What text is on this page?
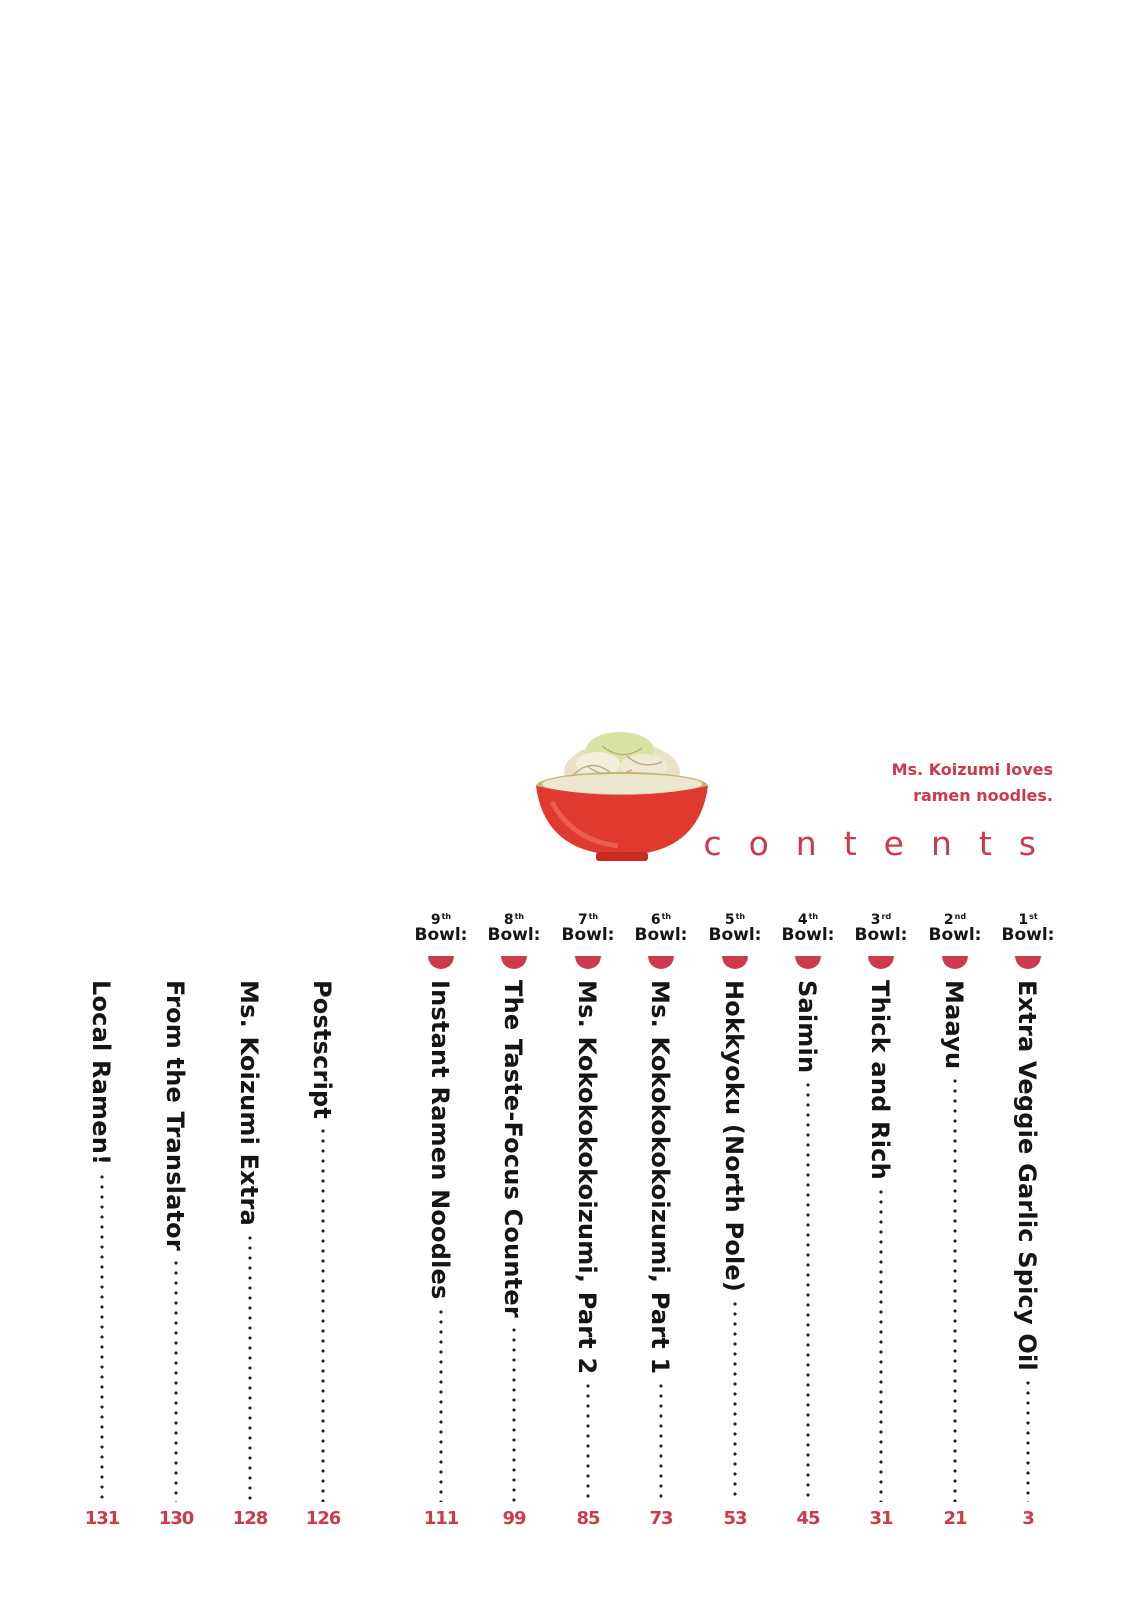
Ms. Koizumi loves
ramen noodles.
contents
1st
Bowl:
Extra Veggie Garlic Spicy Oil
3
2nd
Bowl:
Maayu
21
3rd
Bowl:
Thick and Rich
31
4th
Bowl:
Saimin
45
5th
Bowl:
Hokkyoku (North Pole)
53
6th
Bowl:
Ms. Kokokokokoizumi, Part 1
73
7th
Bowl:
Ms. Kokokokokoizumi, Part 2
85
8th
Bowl:
The Taste-Focus Counter
99
9th
Bowl:
Instant Ramen Noodles
111
Postscript
126
Ms. Koizumi Extra
128
From the Translator
130
Local Ramen!
131
